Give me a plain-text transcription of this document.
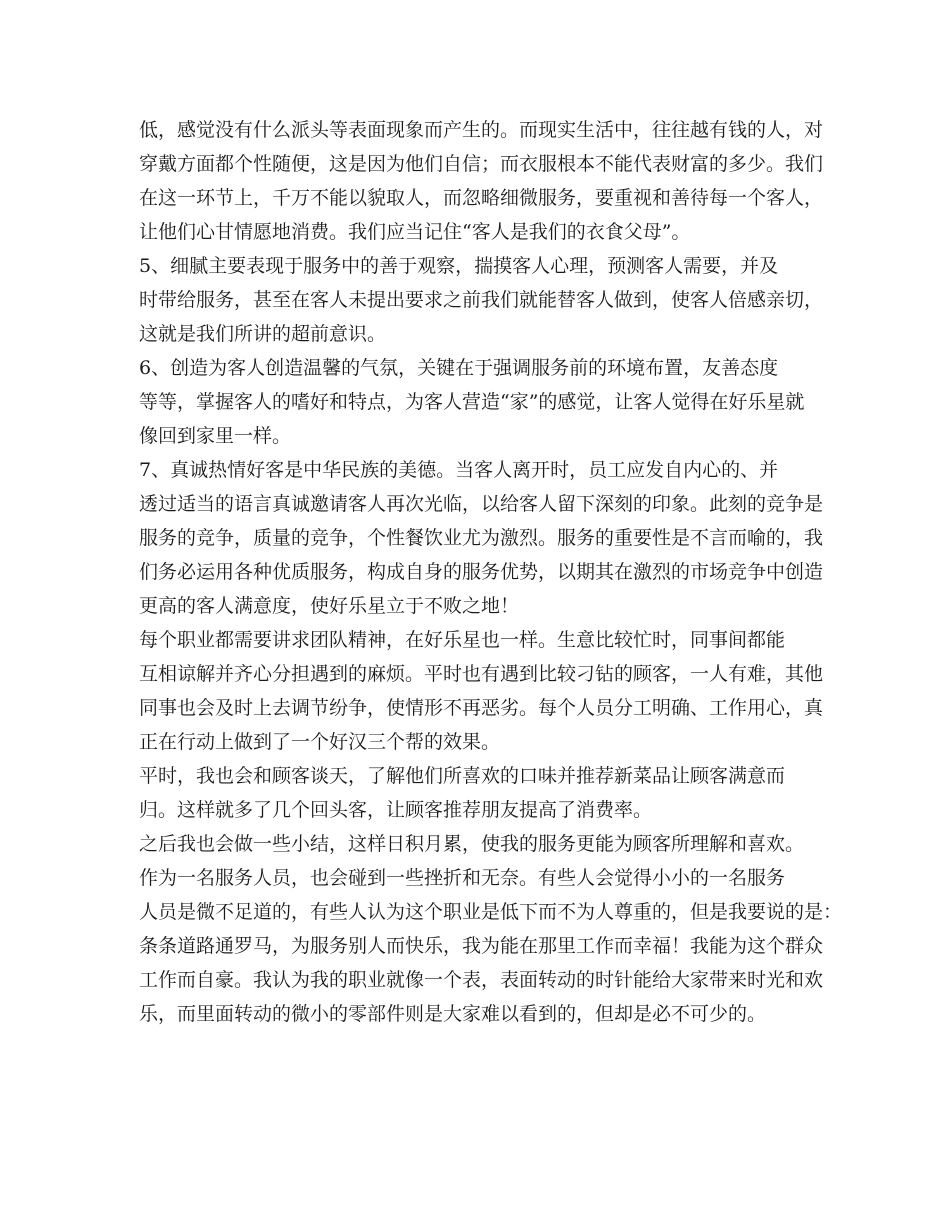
低，感觉没有什么派头等表面现象而产生的。而现实生活中，往往越有钱的人，对
穿戴方面都个性随便，这是因为他们自信；而衣服根本不能代表财富的多少。我们
在这一环节上，千万不能以貌取人，而忽略细微服务，要重视和善待每一个客人，
让他们心甘情愿地消费。我们应当记住“客人是我们的衣食父母”。
5、细腻主要表现于服务中的善于观察，揣摸客人心理，预测客人需要，并及
时带给服务，甚至在客人未提出要求之前我们就能替客人做到，使客人倍感亲切，
这就是我们所讲的超前意识。
6、创造为客人创造温馨的气氛，关键在于强调服务前的环境布置，友善态度
等等，掌握客人的嗜好和特点，为客人营造“家”的感觉，让客人觉得在好乐星就
像回到家里一样。
7、真诚热情好客是中华民族的美德。当客人离开时，员工应发自内心的、并
透过适当的语言真诚邀请客人再次光临，以给客人留下深刻的印象。此刻的竞争是
服务的竞争，质量的竞争，个性餐饮业尤为激烈。服务的重要性是不言而喻的，我
们务必运用各种优质服务，构成自身的服务优势，以期其在激烈的市场竞争中创造
更高的客人满意度，使好乐星立于不败之地！
每个职业都需要讲求团队精神，在好乐星也一样。生意比较忙时，同事间都能
互相谅解并齐心分担遇到的麻烦。平时也有遇到比较刁钻的顾客，一人有难，其他
同事也会及时上去调节纷争，使情形不再恶劣。每个人员分工明确、工作用心，真
正在行动上做到了一个好汉三个帮的效果。
平时，我也会和顾客谈天，了解他们所喜欢的口味并推荐新菜品让顾客满意而
归。这样就多了几个回头客，让顾客推荐朋友提高了消费率。
之后我也会做一些小结，这样日积月累，使我的服务更能为顾客所理解和喜欢。
作为一名服务人员，也会碰到一些挫折和无奈。有些人会觉得小小的一名服务
人员是微不足道的，有些人认为这个职业是低下而不为人尊重的，但是我要说的是：
条条道路通罗马，为服务别人而快乐，我为能在那里工作而幸福！我能为这个群众
工作而自豪。我认为我的职业就像一个表，表面转动的时针能给大家带来时光和欢
乐，而里面转动的微小的零部件则是大家难以看到的，但却是必不可少的。
